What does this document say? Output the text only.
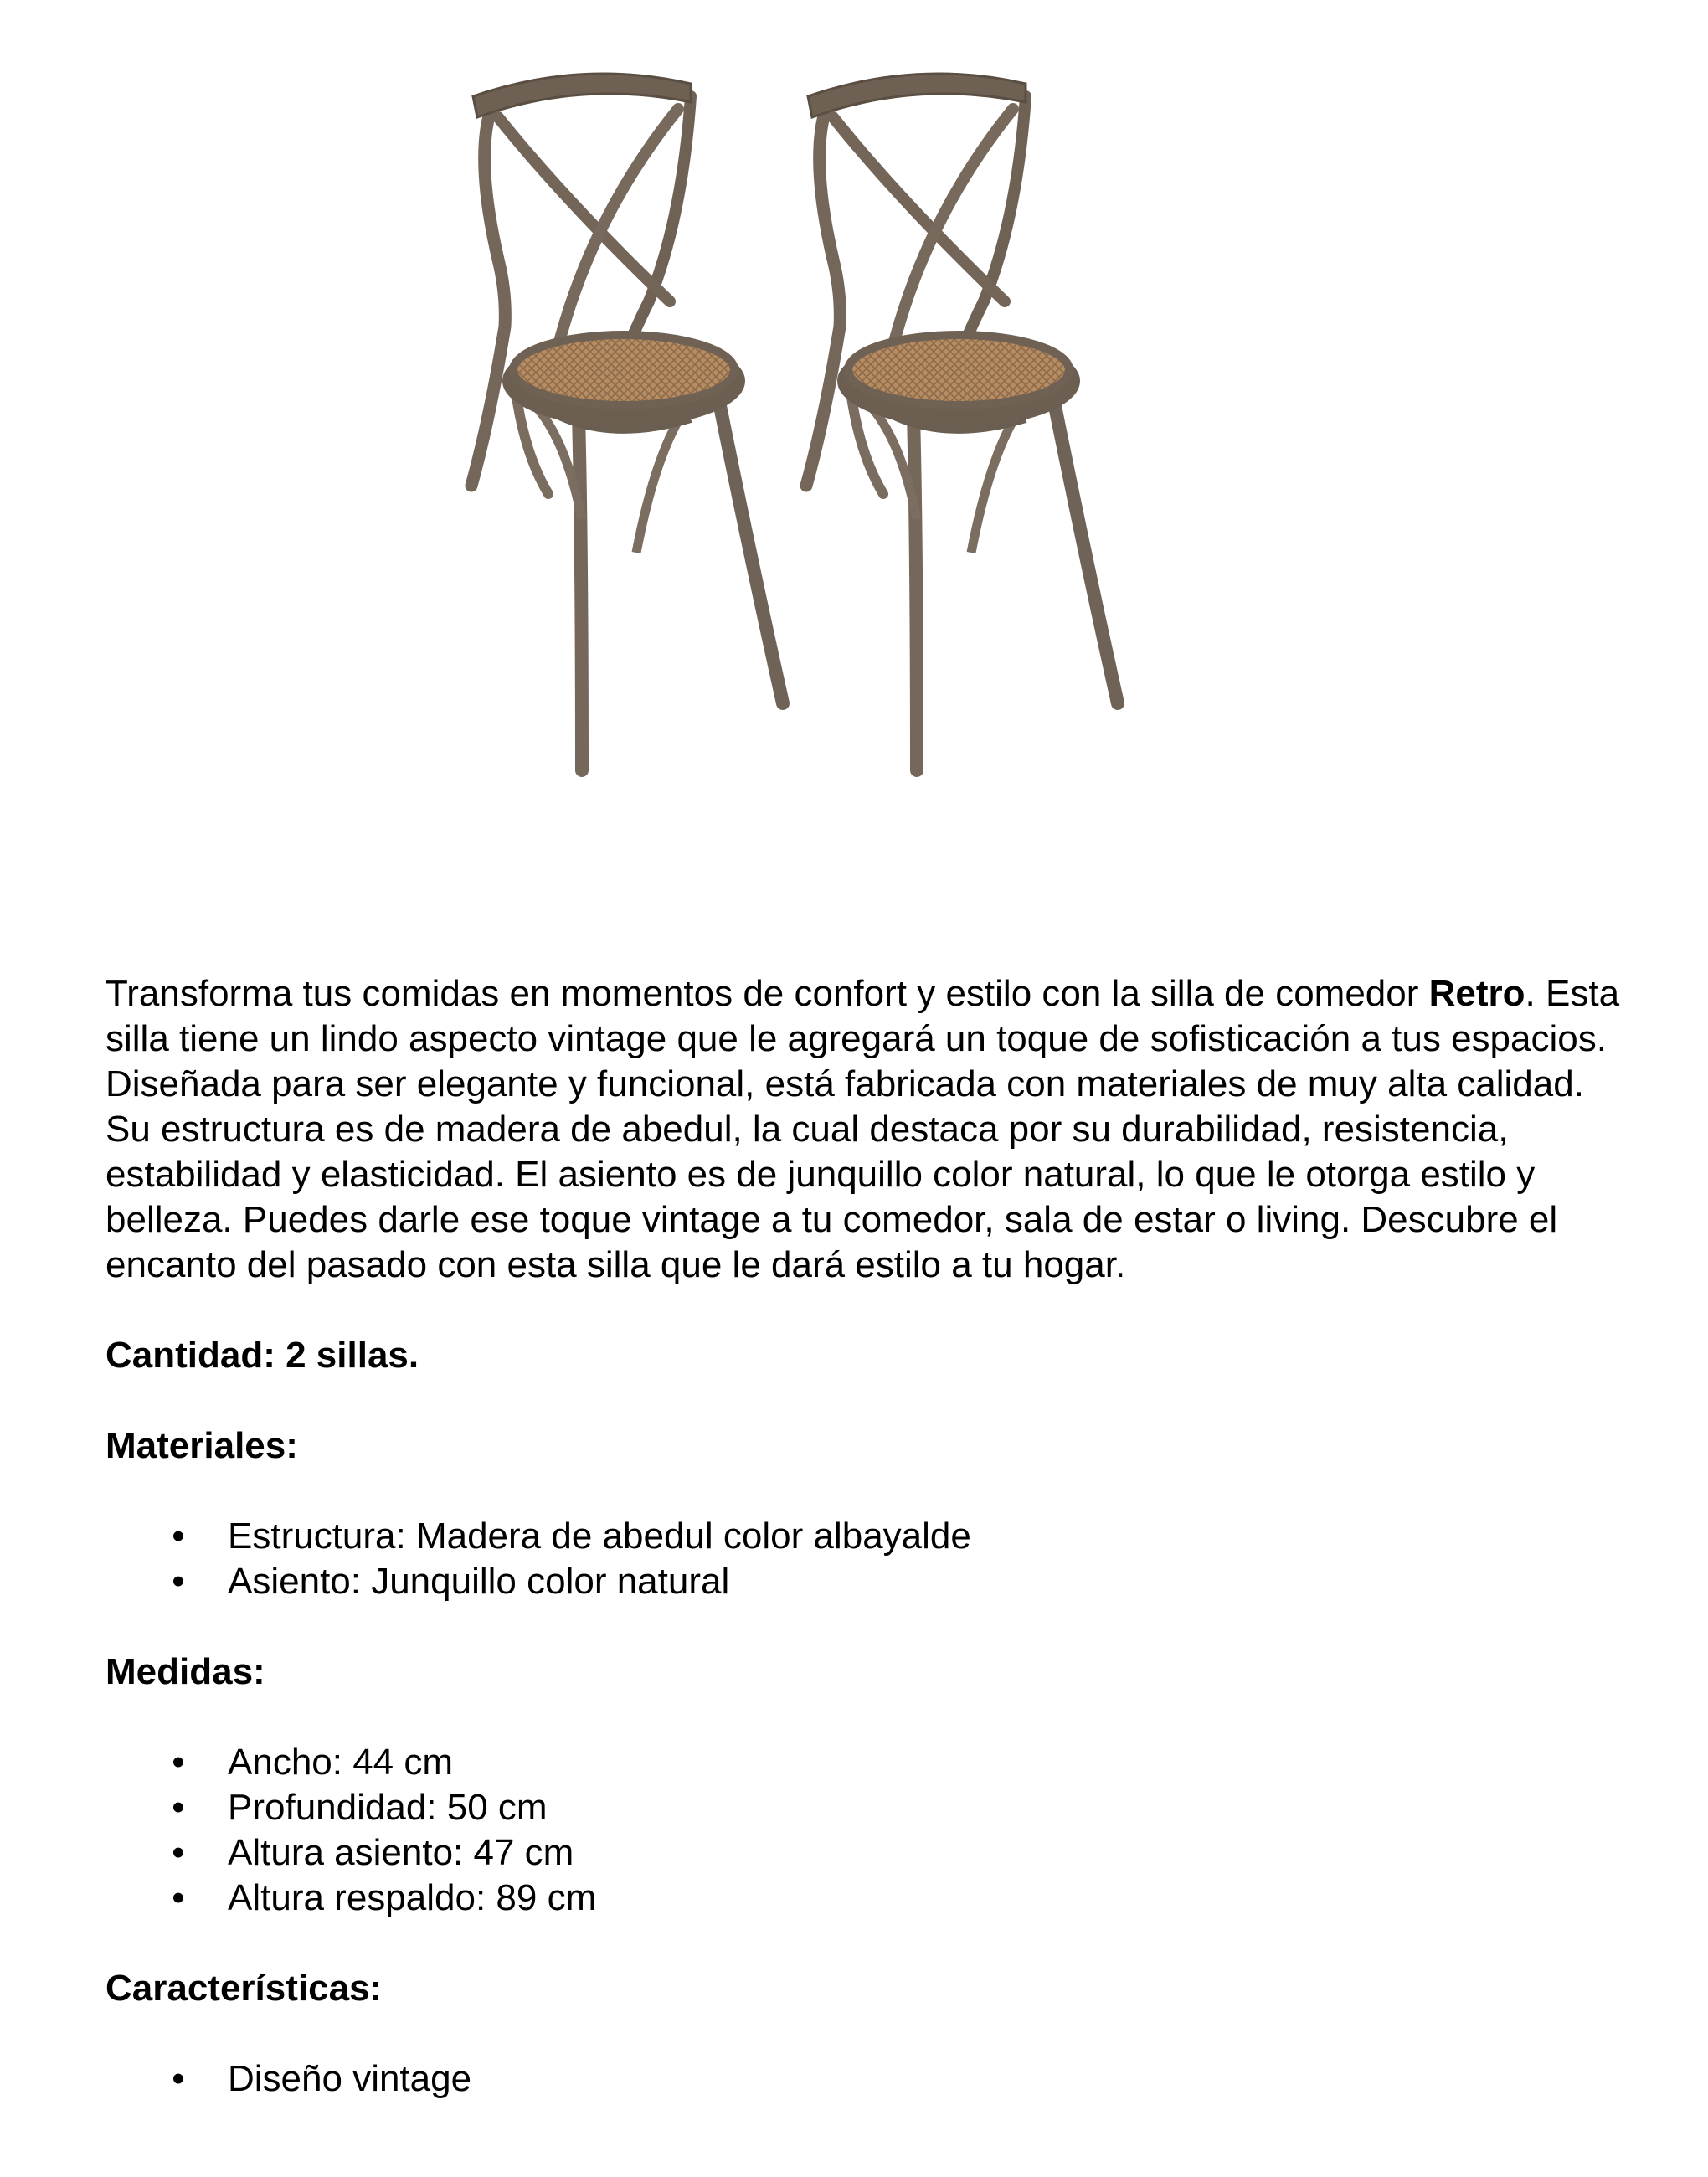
Transforma tus comidas en momentos de confort y estilo con la silla de comedor Retro. Esta silla tiene un lindo aspecto vintage que le agregará un toque de sofisticación a tus espacios. Diseñada para ser elegante y funcional, está fabricada con materiales de muy alta calidad. Su estructura es de madera de abedul, la cual destaca por su durabilidad, resistencia, estabilidad y elasticidad. El asiento es de junquillo color natural, lo que le otorga estilo y belleza. Puedes darle ese toque vintage a tu comedor, sala de estar o living. Descubre el encanto del pasado con esta silla que le dará estilo a tu hogar.

Cantidad: 2 sillas.

Materiales:

• Estructura: Madera de abedul color albayalde
• Asiento: Junquillo color natural

Medidas:

• Ancho: 44 cm
• Profundidad: 50 cm
• Altura asiento: 47 cm
• Altura respaldo: 89 cm

Características:

• Diseño vintage
